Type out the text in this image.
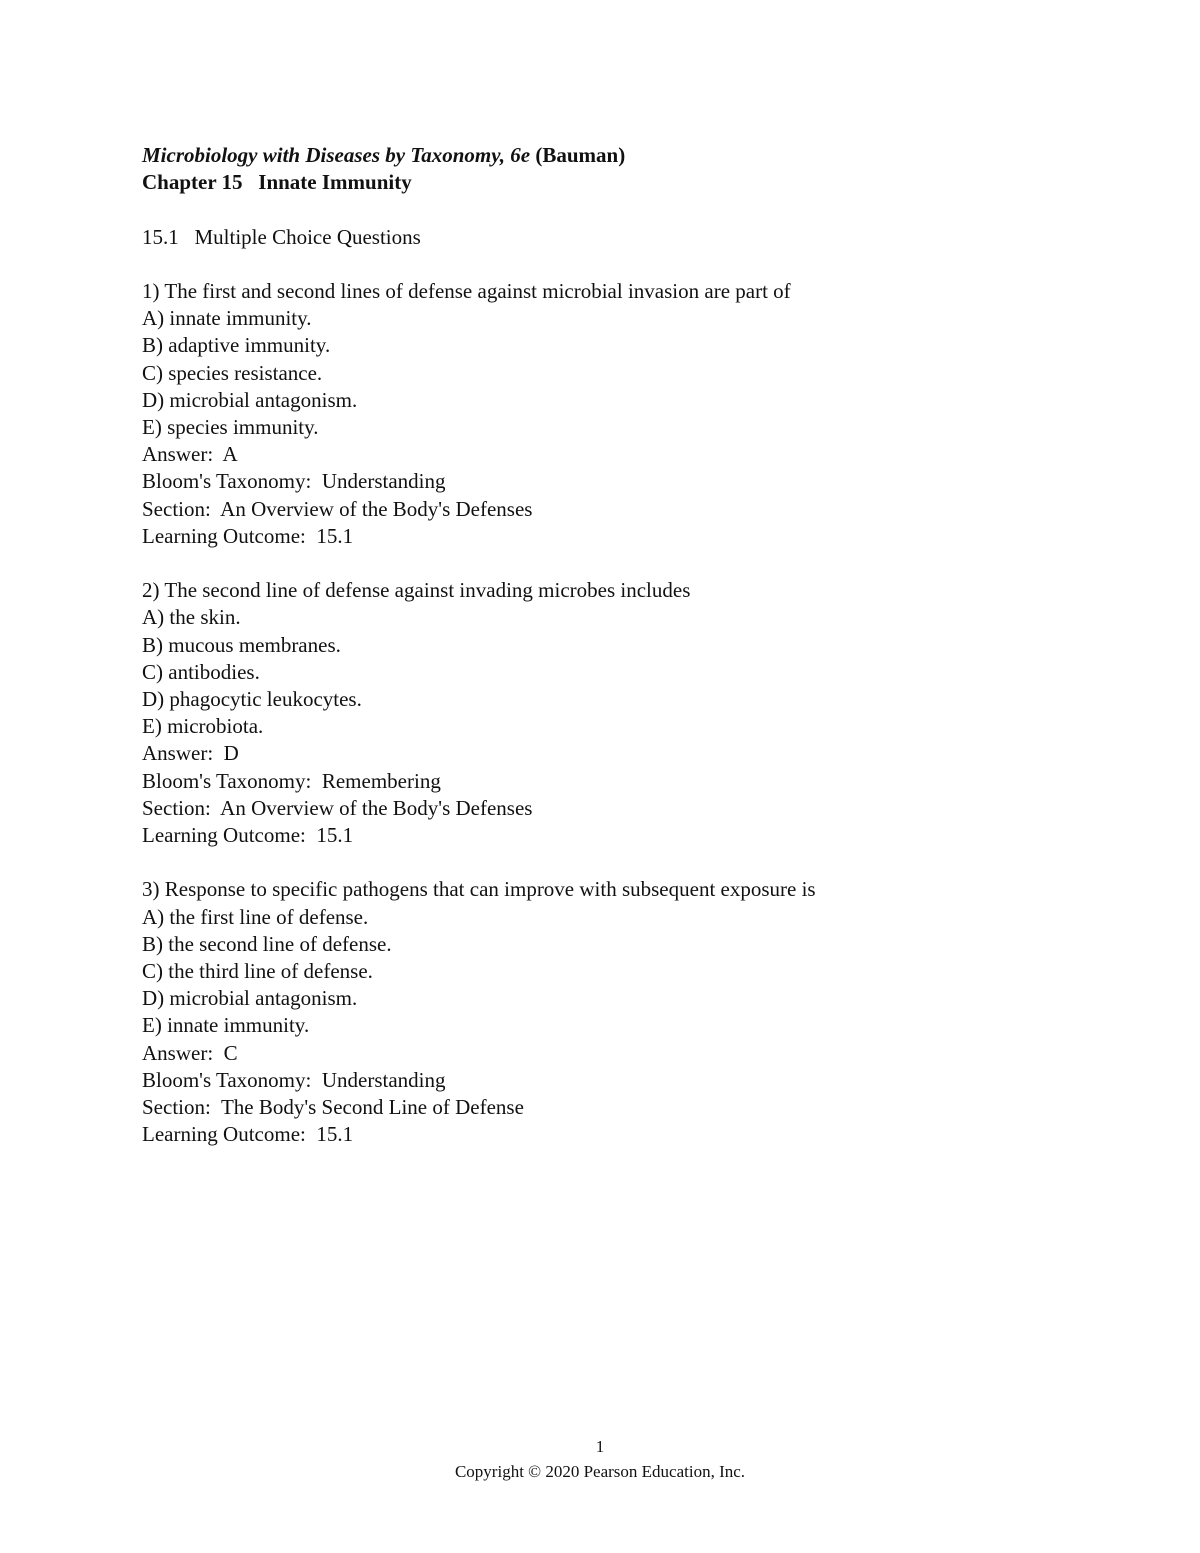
Microbiology with Diseases by Taxonomy, 6e (Bauman)
Chapter 15   Innate Immunity
15.1   Multiple Choice Questions
1) The first and second lines of defense against microbial invasion are part of
A) innate immunity.
B) adaptive immunity.
C) species resistance.
D) microbial antagonism.
E) species immunity.
Answer:  A
Bloom's Taxonomy:  Understanding
Section:  An Overview of the Body's Defenses
Learning Outcome:  15.1
2) The second line of defense against invading microbes includes
A) the skin.
B) mucous membranes.
C) antibodies.
D) phagocytic leukocytes.
E) microbiota.
Answer:  D
Bloom's Taxonomy:  Remembering
Section:  An Overview of the Body's Defenses
Learning Outcome:  15.1
3) Response to specific pathogens that can improve with subsequent exposure is
A) the first line of defense.
B) the second line of defense.
C) the third line of defense.
D) microbial antagonism.
E) innate immunity.
Answer:  C
Bloom's Taxonomy:  Understanding
Section:  The Body's Second Line of Defense
Learning Outcome:  15.1
1
Copyright © 2020 Pearson Education, Inc.
